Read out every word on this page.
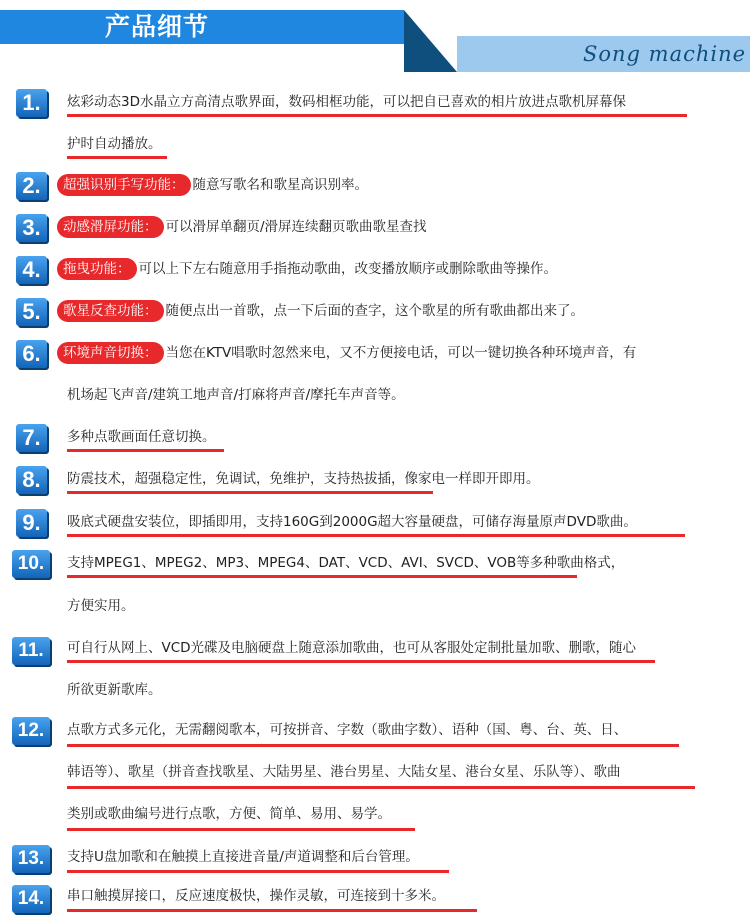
产品细节
Song machine
1.	炫彩动态3D水晶立方高清点歌界面，数码相框功能，可以把自已喜欢的相片放进点歌机屏幕保
护时自动播放。
2.	超强识别手写功能： 随意写歌名和歌星高识别率。
3.	动感滑屏功能： 可以滑屏单翻页/滑屏连续翻页歌曲歌星查找
4.	拖曳功能： 可以上下左右随意用手指拖动歌曲，改变播放顺序或删除歌曲等操作。
5.	歌星反查功能： 随便点出一首歌，点一下后面的查字，这个歌星的所有歌曲都出来了。
6.	环境声音切换： 当您在KTV唱歌时忽然来电，又不方便接电话，可以一键切换各种环境声音，有
机场起飞声音/建筑工地声音/打麻将声音/摩托车声音等。
7.	多种点歌画面任意切换。
8.	防震技术，超强稳定性，免调试，免维护，支持热拔插，像家电一样即开即用。
9.	吸底式硬盘安装位，即插即用，支持160G到2000G超大容量硬盘，可储存海量原声DVD歌曲。
10.	支持MPEG1、MPEG2、MP3、MPEG4、DAT、VCD、AVI、SVCD、VOB等多种歌曲格式，
方便实用。
11.	可自行从网上、VCD光碟及电脑硬盘上随意添加歌曲，也可从客服处定制批量加歌、删歌，随心
所欲更新歌库。
12.	点歌方式多元化，无需翻阅歌本，可按拼音、字数（歌曲字数）、语种（国、粤、台、英、日、
韩语等）、歌星（拼音查找歌星、大陆男星、港台男星、大陆女星、港台女星、乐队等）、歌曲
类别或歌曲编号进行点歌，方便、简单、易用、易学。
13.	支持U盘加歌和在触摸上直接进音量/声道调整和后台管理。
14.	串口触摸屏接口，反应速度极快，操作灵敏，可连接到十多米。
